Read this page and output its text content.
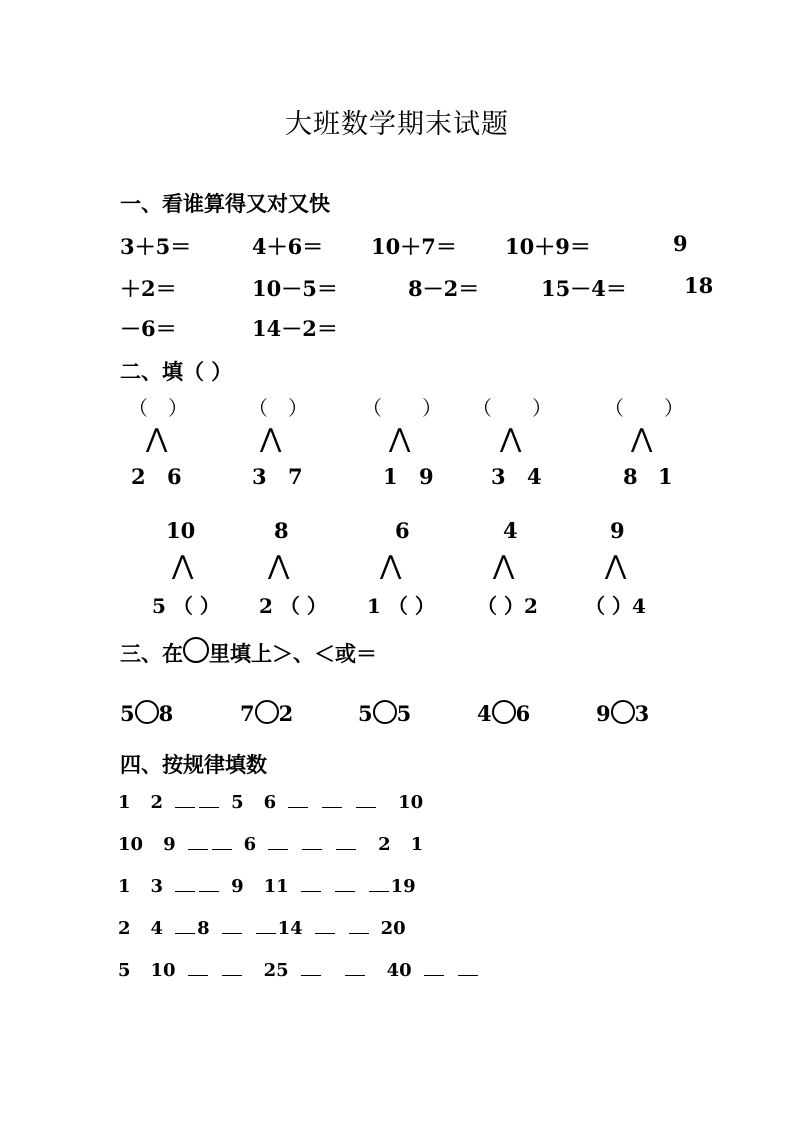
大班数学期末试题
一、看谁算得又对又快
3＋5＝	4＋6＝ 10＋7＝ 10＋9＝	9
＋2＝	10－5＝	8－2＝	15－4＝	18
－6＝	14－2＝
二、填（ ）
（　）	（　）	（　　） （　　）	（　　）
⋀	⋀	⋀	⋀	⋀
2 6	3 7	1 9	3 4	8 1
10	8	6	4	9
⋀	⋀	⋀	⋀	⋀
5 （ ） 2 （ ） 1 （ ） （ ）2 （ ）4
三、在 里填上＞、＜或＝
5 8	7 2	5 5	4 6	9 3
四、按规律填数
1 2	5 6	10
10 9	6	2 1
1 3	9 11	19
2 4 8	14	20
5 10	25	40
